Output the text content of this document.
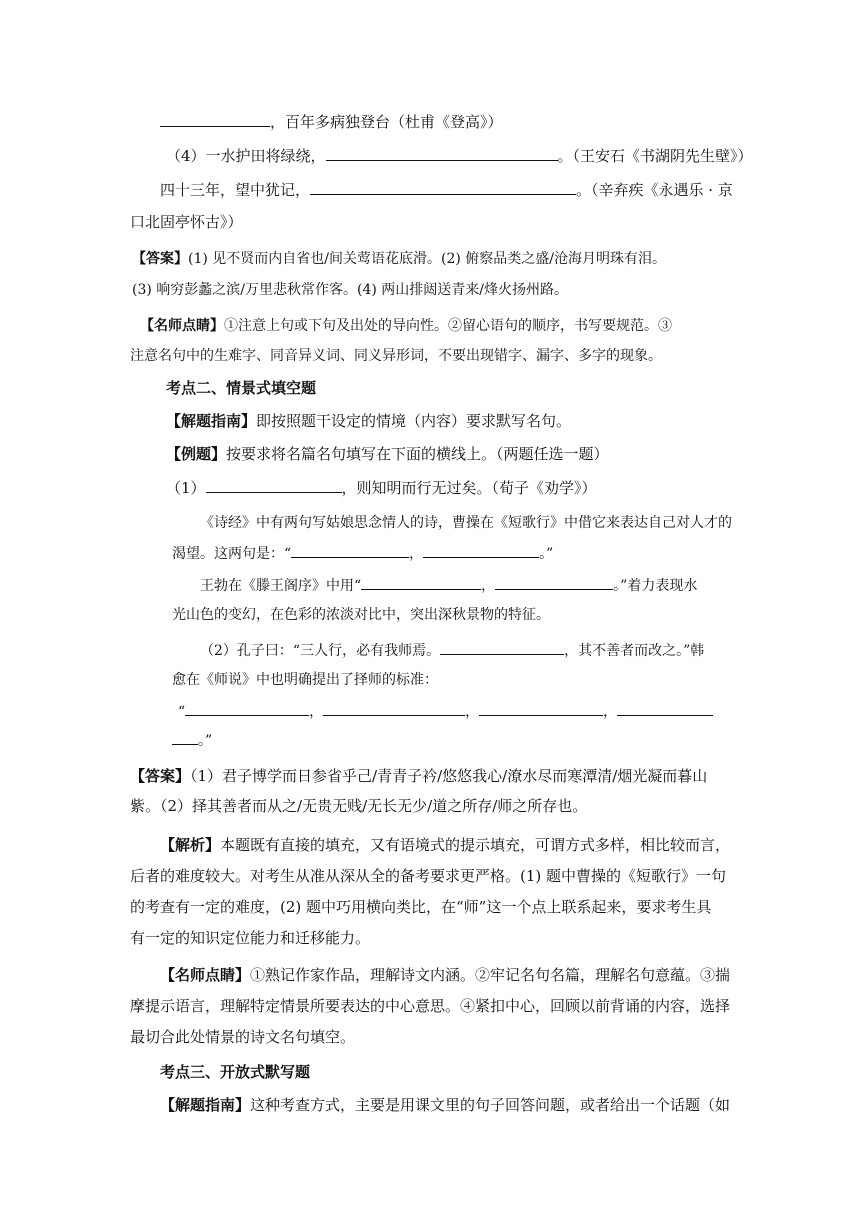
，百年多病独登台（杜甫《登高》）
（4）一水护田将绿绕，	。（王安石《书湖阴先生壁》）
四十三年，望中犹记，	。（辛弃疾《永遇乐 · 京
口北固亭怀古》）
【答案】(1) 见不贤而内自省也/间关莺语花底滑。(2) 俯察品类之盛/沧海月明珠有泪。
(3) 响穷彭蠡之滨/万里悲秋常作客。(4) 两山排闼送青来/烽火扬州路。
【名师点睛】①注意上句或下句及出处的导向性。②留心语句的顺序，书写要规范。③
注意名句中的生难字、同音异义词、同义异形词，不要出现错字、漏字、多字的现象。
考点二、情景式填空题
【解题指南】即按照题干设定的情境（内容）要求默写名句。
【例题】按要求将名篇名句填写在下面的横线上。（两题任选一题）
（1）	，则知明而行无过矣。（荀子《劝学》）
《诗经》中有两句写姑娘思念情人的诗，曹操在《短歌行》中借它来表达自己对人才的
渴望。这两句是：“	，	。”
王勃在《滕王阁序》中用“	，	。”着力表现水
光山色的变幻，在色彩的浓淡对比中，突出深秋景物的特征。
（2）孔子曰：“三人行，必有我师焉。	，其不善者而改之。”韩
愈在《师说》中也明确提出了择师的标准：
“	，	，	，
。”
【答案】（1）君子博学而日参省乎己/青青子衿/悠悠我心/潦水尽而寒潭清/烟光凝而暮山
紫。（2）择其善者而从之/无贵无贱/无长无少/道之所存/师之所存也。
【解析】本题既有直接的填充，又有语境式的提示填充，可谓方式多样，相比较而言，
后者的难度较大。对考生从准从深从全的备考要求更严格。(1) 题中曹操的《短歌行》一句
的考查有一定的难度，(2) 题中巧用横向类比，在“师”这一个点上联系起来，要求考生具
有一定的知识定位能力和迁移能力。
【名师点睛】①熟记作家作品，理解诗文内涵。②牢记名句名篇，理解名句意蕴。③揣
摩提示语言，理解特定情景所要表达的中心意思。④紧扣中心，回顾以前背诵的内容，选择
最切合此处情景的诗文名句填空。
考点三、开放式默写题
【解题指南】这种考查方式，主要是用课文里的句子回答问题，或者给出一个话题（如
